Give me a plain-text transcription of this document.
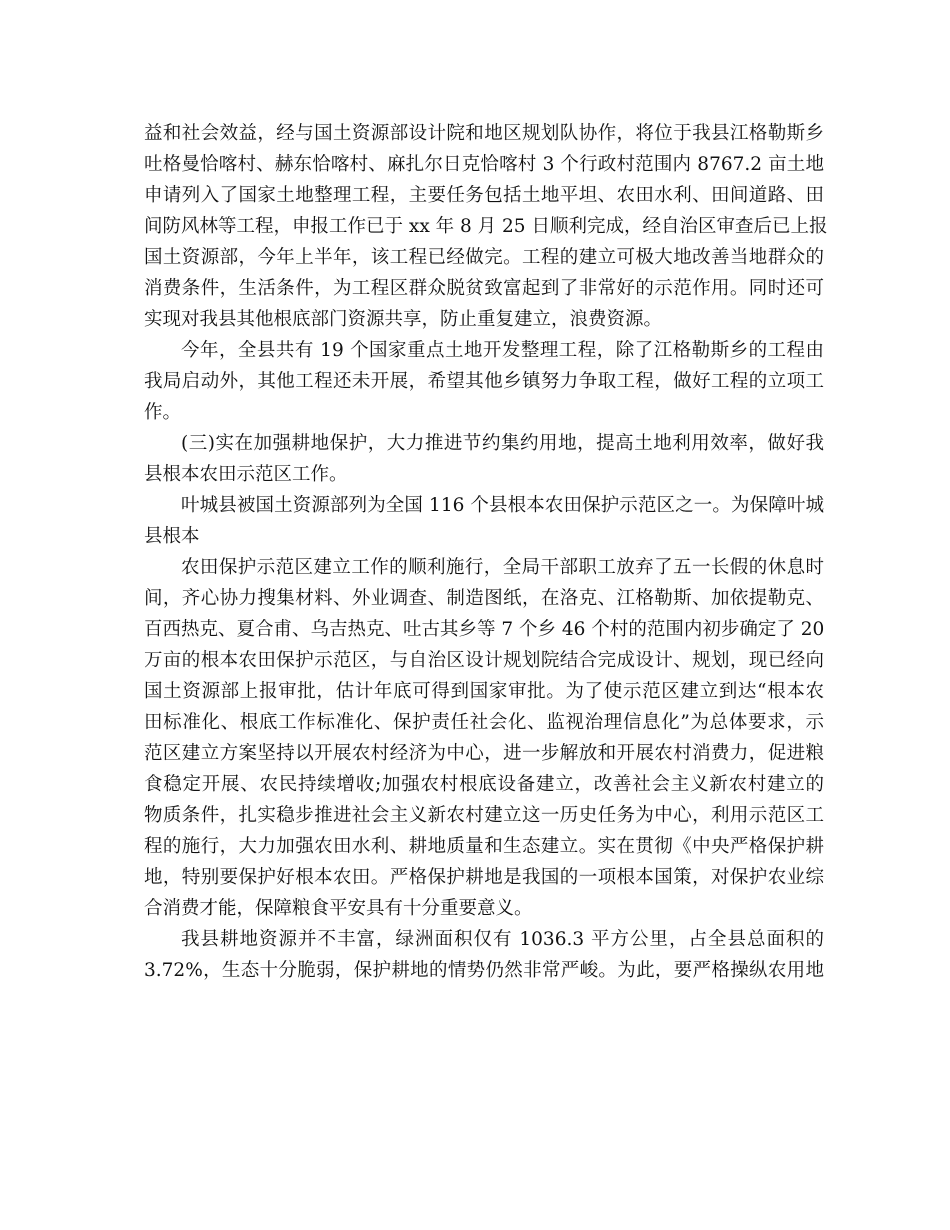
益和社会效益，经与国土资源部设计院和地区规划队协作，将位于我县江格勒斯乡
吐格曼恰喀村、赫东恰喀村、麻扎尔日克恰喀村 3 个行政村范围内 8767.2 亩土地
申请列入了国家土地整理工程，主要任务包括土地平坦、农田水利、田间道路、田
间防风林等工程，申报工作已于 xx 年 8 月 25 日顺利完成，经自治区审查后已上报
国土资源部，今年上半年，该工程已经做完。工程的建立可极大地改善当地群众的
消费条件，生活条件，为工程区群众脱贫致富起到了非常好的示范作用。同时还可
实现对我县其他根底部门资源共享，防止重复建立，浪费资源。
今年，全县共有 19 个国家重点土地开发整理工程，除了江格勒斯乡的工程由
我局启动外，其他工程还未开展，希望其他乡镇努力争取工程，做好工程的立项工
作。
(三)实在加强耕地保护，大力推进节约集约用地，提高土地利用效率，做好我
县根本农田示范区工作。
叶城县被国土资源部列为全国 116 个县根本农田保护示范区之一。为保障叶城
县根本
农田保护示范区建立工作的顺利施行，全局干部职工放弃了五一长假的休息时
间，齐心协力搜集材料、外业调查、制造图纸，在洛克、江格勒斯、加依提勒克、
百西热克、夏合甫、乌吉热克、吐古其乡等 7 个乡 46 个村的范围内初步确定了 20
万亩的根本农田保护示范区，与自治区设计规划院结合完成设计、规划，现已经向
国土资源部上报审批，估计年底可得到国家审批。为了使示范区建立到达“根本农
田标准化、根底工作标准化、保护责任社会化、监视治理信息化”为总体要求，示
范区建立方案坚持以开展农村经济为中心，进一步解放和开展农村消费力，促进粮
食稳定开展、农民持续增收;加强农村根底设备建立，改善社会主义新农村建立的
物质条件，扎实稳步推进社会主义新农村建立这一历史任务为中心，利用示范区工
程的施行，大力加强农田水利、耕地质量和生态建立。实在贯彻《中央严格保护耕
地，特别要保护好根本农田。严格保护耕地是我国的一项根本国策，对保护农业综
合消费才能，保障粮食平安具有十分重要意义。
我县耕地资源并不丰富，绿洲面积仅有 1036.3 平方公里，占全县总面积的
3.72%，生态十分脆弱，保护耕地的情势仍然非常严峻。为此，要严格操纵农用地
